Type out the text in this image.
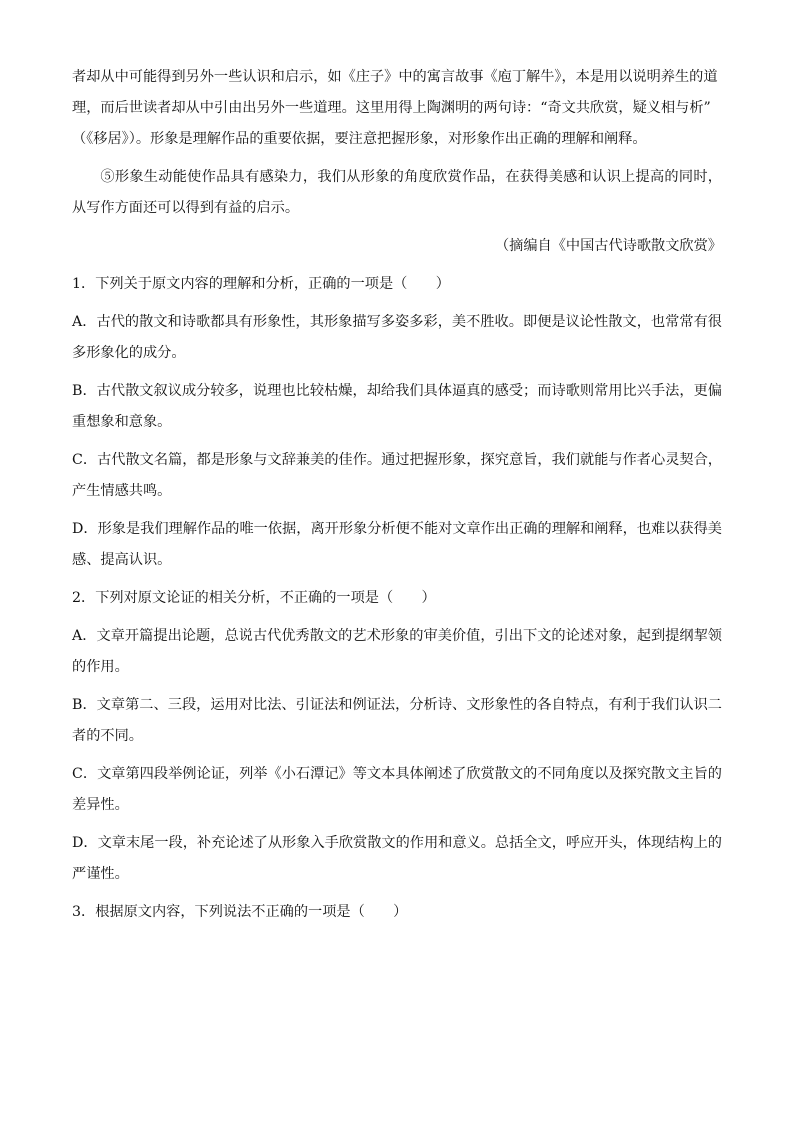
者却从中可能得到另外一些认识和启示，如《庄子》中的寓言故事《庖丁解牛》，本是用以说明养生的道
理，而后世读者却从中引由出另外一些道理。这里用得上陶渊明的两句诗：“奇文共欣赏，疑义相与析”
（《移居》）。形象是理解作品的重要依据，要注意把握形象，对形象作出正确的理解和阐释。

⑤形象生动能使作品具有感染力，我们从形象的角度欣赏作品，在获得美感和认识上提高的同时，从写作方面还可以得到有益的启示。

（摘编自《中国古代诗歌散文欣赏》

1．下列关于原文内容的理解和分析，正确的一项是（　　）

A．古代的散文和诗歌都具有形象性，其形象描写多姿多彩，美不胜收。即便是议论性散文，也常常有很多形象化的成分。

B．古代散文叙议成分较多，说理也比较枯燥，却给我们具体逼真的感受；而诗歌则常用比兴手法，更偏重想象和意象。

C．古代散文名篇，都是形象与文辞兼美的佳作。通过把握形象，探究意旨，我们就能与作者心灵契合，产生情感共鸣。

D．形象是我们理解作品的唯一依据，离开形象分析便不能对文章作出正确的理解和阐释，也难以获得美感、提高认识。

2．下列对原文论证的相关分析，不正确的一项是（　　）

A．文章开篇提出论题，总说古代优秀散文的艺术形象的审美价值，引出下文的论述对象，起到提纲挈领的作用。

B．文章第二、三段，运用对比法、引证法和例证法，分析诗、文形象性的各自特点，有利于我们认识二者的不同。

C．文章第四段举例论证，列举《小石潭记》等文本具体阐述了欣赏散文的不同角度以及探究散文主旨的差异性。

D．文章末尾一段，补充论述了从形象入手欣赏散文的作用和意义。总括全文，呼应开头，体现结构上的严谨性。

3．根据原文内容，下列说法不正确的一项是（　　）
